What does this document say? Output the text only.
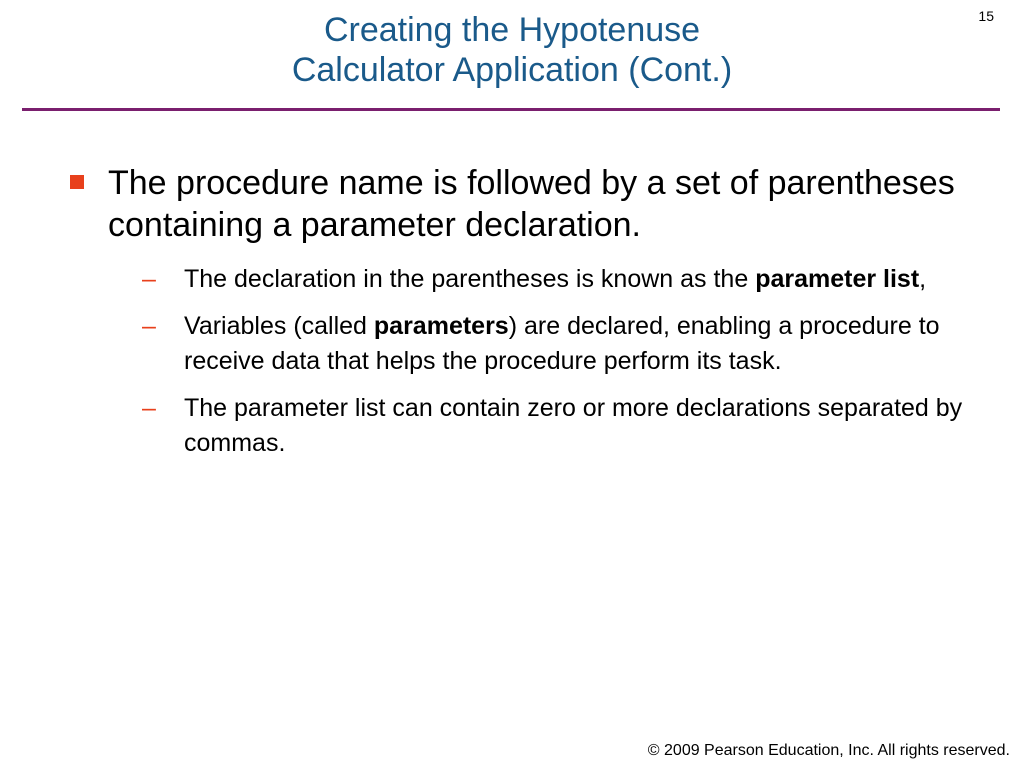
15
Creating the Hypotenuse
Calculator Application (Cont.)
The procedure name is followed by a set of parentheses containing a parameter declaration.
– The declaration in the parentheses is known as the parameter list,
– Variables (called parameters) are declared, enabling a procedure to receive data that helps the procedure perform its task.
– The parameter list can contain zero or more declarations separated by commas.
© 2009 Pearson Education, Inc. All rights reserved.
